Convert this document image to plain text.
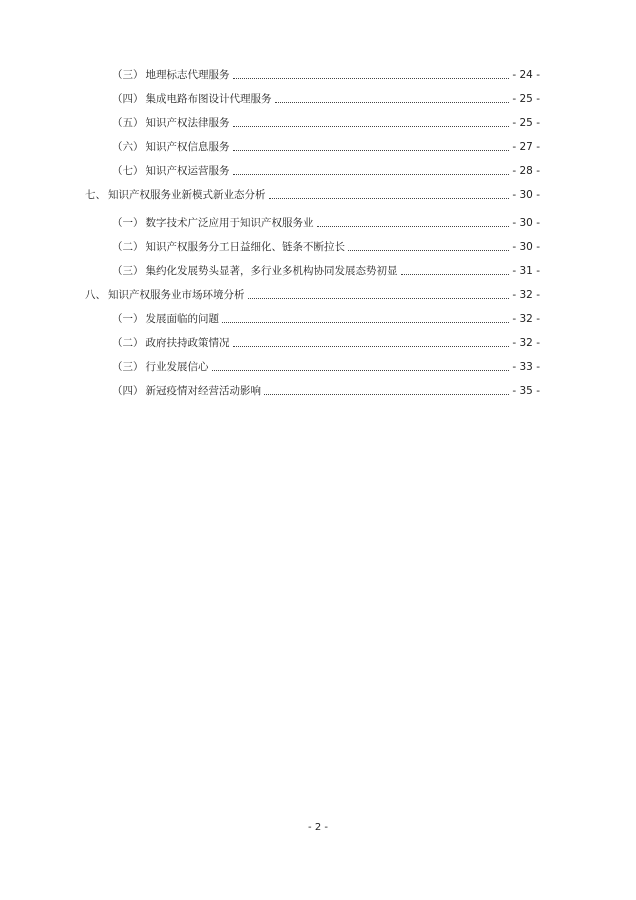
（三） 地理标志代理服务	- 24 -
（四） 集成电路布图设计代理服务	- 25 -
（五） 知识产权法律服务	- 25 -
（六） 知识产权信息服务	- 27 -
（七） 知识产权运营服务	- 28 -
七、 知识产权服务业新模式新业态分析	- 30 -
（一） 数字技术广泛应用于知识产权服务业	- 30 -
（二） 知识产权服务分工日益细化、链条不断拉长	- 30 -
（三） 集约化发展势头显著，多行业多机构协同发展态势初显	- 31 -
八、 知识产权服务业市场环境分析	- 32 -
（一） 发展面临的问题	- 32 -
（二） 政府扶持政策情况	- 32 -
（三） 行业发展信心	- 33 -
（四） 新冠疫情对经营活动影响	- 35 -
- 2 -
